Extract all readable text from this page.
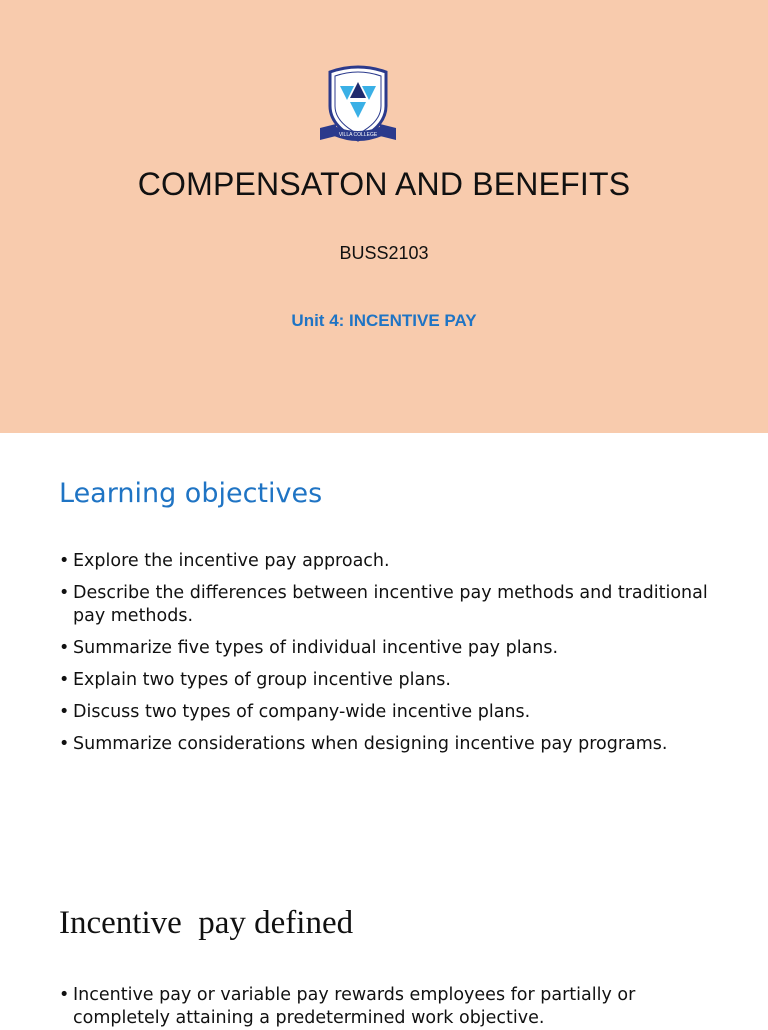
VILLA COLLEGE
COMPENSATON AND BENEFITS
BUSS2103
Unit 4: INCENTIVE PAY
Learning objectives
• Explore the incentive pay approach.
• Describe the differences between incentive pay methods and traditional pay methods.
• Summarize five types of individual incentive pay plans.
• Explain two types of group incentive plans.
• Discuss two types of company-wide incentive plans.
• Summarize considerations when designing incentive pay programs.
Incentive  pay defined
• Incentive pay or variable pay rewards employees for partially or completely attaining a predetermined work objective.
